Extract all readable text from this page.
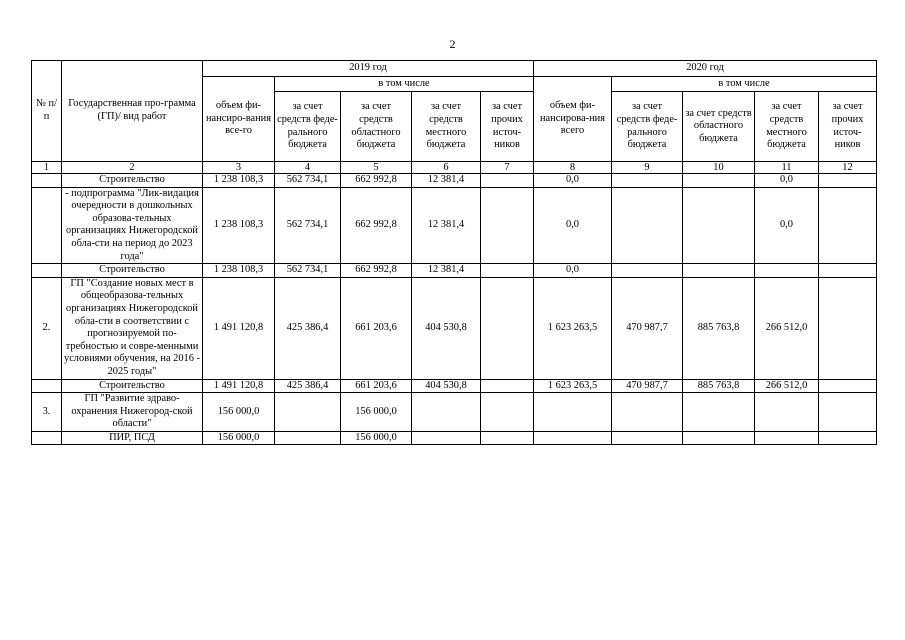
2
№ п/п	Государственная про-грамма (ГП)/ вид работ	2019 год					2020 год				
		объем фи-нансиро-вания все-го	в том числе				объем фи-нансирова-ния всего	в том числе			
			за счет средств феде-рального бюджета	за счет средств областного бюджета	за счет средств местного бюджета	за счет прочих источ-ников		за счет средств феде-рального бюджета	за счет средств областного бюджета	за счет средств местного бюджета	за счет прочих источ-ников
1	2	3	4	5	6	7	8	9	10	11	12
	Строительство	1 238 108,3	562 734,1	662 992,8	12 381,4		0,0			0,0	
	- подпрограмма "Лик-видация очередности в дошкольных образова-тельных организациях Нижегородской обла-сти на период до 2023 года"	1 238 108,3	562 734,1	662 992,8	12 381,4		0,0			0,0	
	Строительство	1 238 108,3	562 734,1	662 992,8	12 381,4		0,0				
2.	ГП "Создание новых мест в общеобразова-тельных организациях Нижегородской обла-сти в соответствии с прогнозируемой по-требностью и совре-менными условиями обучения, на 2016 - 2025 годы"	1 491 120,8	425 386,4	661 203,6	404 530,8		1 623 263,5	470 987,7	885 763,8	266 512,0	
	Строительство	1 491 120,8	425 386,4	661 203,6	404 530,8		1 623 263,5	470 987,7	885 763,8	266 512,0	
3.	ГП "Развитие здраво-охранения Нижегород-ской области"	156 000,0		156 000,0							
	ПИР, ПСД	156 000,0		156 000,0							
